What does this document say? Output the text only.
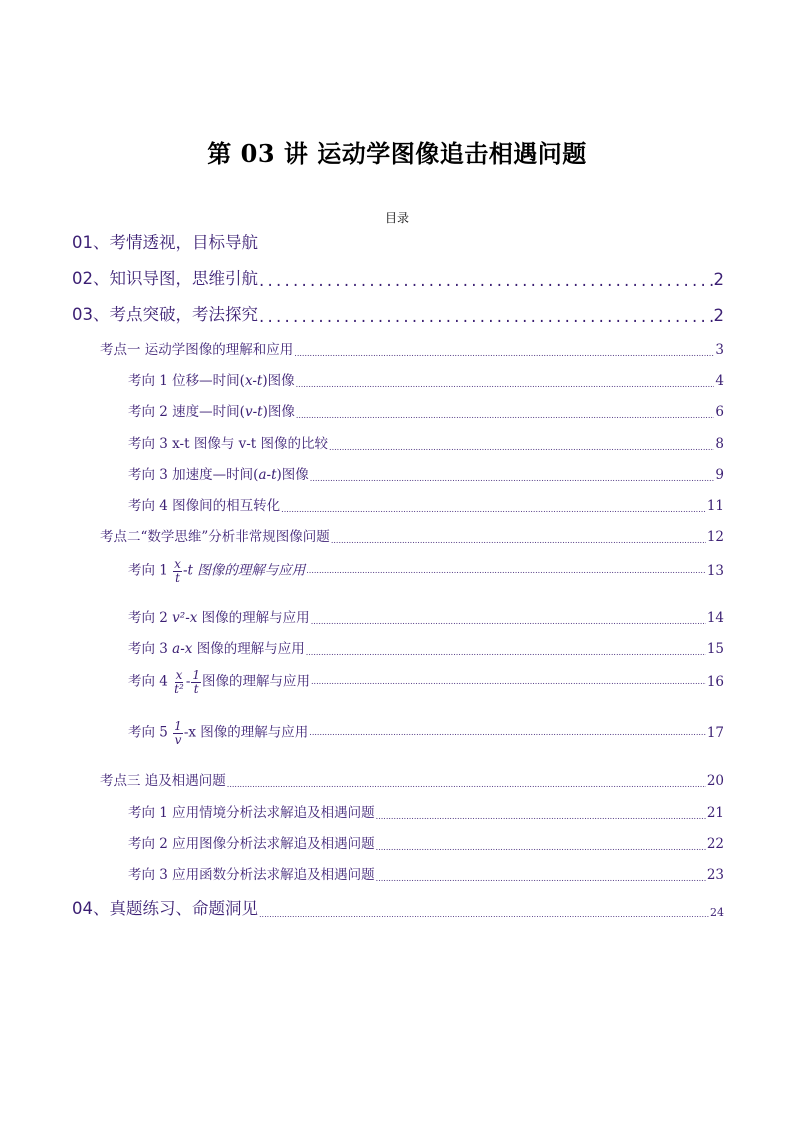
第 03 讲 运动学图像追击相遇问题
目录
01、考情透视，目标导航
02、知识导图，思维引航 . . .	2
03、考点突破，考法探究 . . .	2
考点一 运动学图像的理解和应用 .....	3
考向 1 位移—时间(x-t)图像 .....	4
考向 2 速度—时间(v-t)图像 .....	6
考向 3 x-t 图像与 v-t 图像的比较 .....	8
考向 3 加速度—时间(a-t)图像 .....	9
考向 4 图像间的相互转化 .....	11
考点二“数学思维”分析非常规图像问题 .....	12
考向 $1 \frac{x}{t} -t$ 图像的理解与应用 .....	13
考向 2 v²-x 图像的理解与应用 .....	14
考向 3 a-x 图像的理解与应用 .....	15
考向 $4 \frac{x}{\text{t²}} - \frac{1}{t}$ 图像的理解与应用 .....	16
考向 $5 \frac{1}{v} -x$ 图像的理解与应用 .....	17
考点三 追及相遇问题 .....	20
考向 1 应用情境分析法求解追及相遇问题 .....	21
考向 2 应用图像分析法求解追及相遇问题 .....	22
考向 3 应用函数分析法求解追及相遇问题 .....	23
04、真题练习、命题洞见 .....	24
